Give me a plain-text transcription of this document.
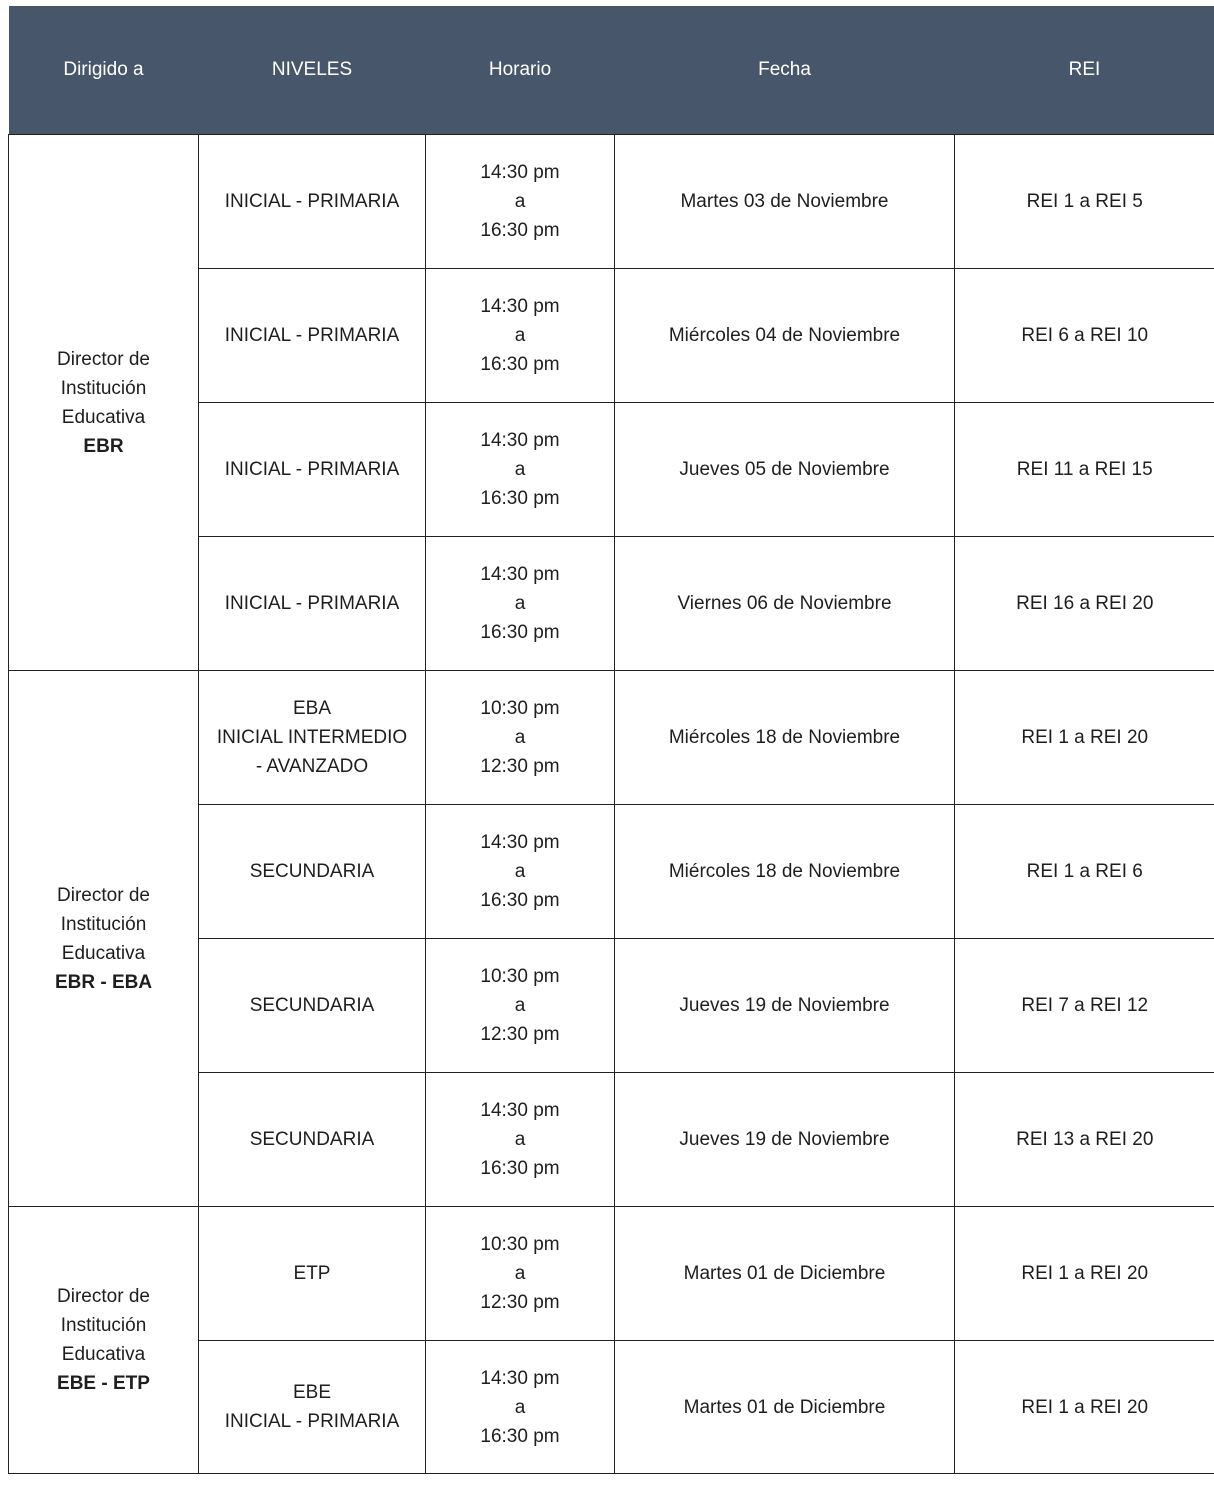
Dirigido a	NIVELES	Horario	Fecha	REI

Director de
Institución
Educativa
EBR	INICIAL - PRIMARIA	14:30 pm
a
16:30 pm	Martes 03 de Noviembre	REI 1 a REI 5

	INICIAL - PRIMARIA	14:30 pm
a
16:30 pm	Miércoles 04 de Noviembre	REI 6 a REI 10

	INICIAL - PRIMARIA	14:30 pm
a
16:30 pm	Jueves 05 de Noviembre	REI 11 a REI 15

	INICIAL - PRIMARIA	14:30 pm
a
16:30 pm	Viernes 06 de Noviembre	REI 16 a REI 20

Director de
Institución
Educativa
EBR - EBA	EBA
INICIAL INTERMEDIO
- AVANZADO	10:30 pm
a
12:30 pm	Miércoles 18 de Noviembre	REI 1 a REI 20

	SECUNDARIA	14:30 pm
a
16:30 pm	Miércoles 18 de Noviembre	REI 1 a REI 6

	SECUNDARIA	10:30 pm
a
12:30 pm	Jueves 19 de Noviembre	REI 7 a REI 12

	SECUNDARIA	14:30 pm
a
16:30 pm	Jueves 19 de Noviembre	REI 13 a REI 20

Director de
Institución
Educativa
EBE - ETP	ETP	10:30 pm
a
12:30 pm	Martes 01 de Diciembre	REI 1 a REI 20

	EBE
INICIAL - PRIMARIA	14:30 pm
a
16:30 pm	Martes 01 de Diciembre	REI 1 a REI 20
